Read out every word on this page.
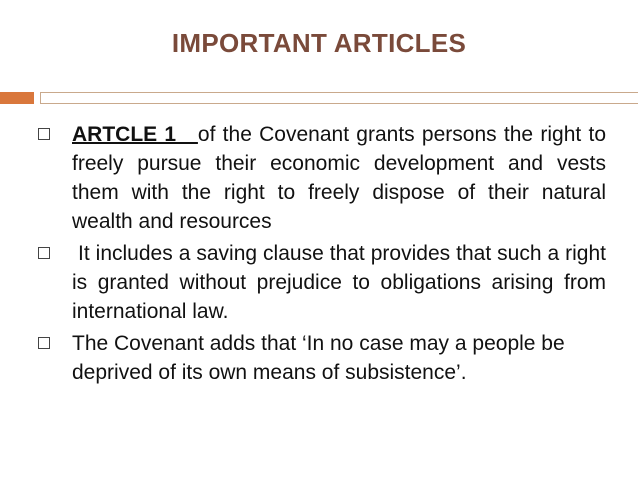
IMPORTANT ARTICLES
ARTCLE 1   of the Covenant grants persons the right to freely pursue their economic development and vests them with the right to freely dispose of their natural wealth and resources
It includes a saving clause that provides that such a right is granted without prejudice to obligations arising from international law.
The Covenant adds that ‘In no case may a people be deprived of its own means of subsistence’.
